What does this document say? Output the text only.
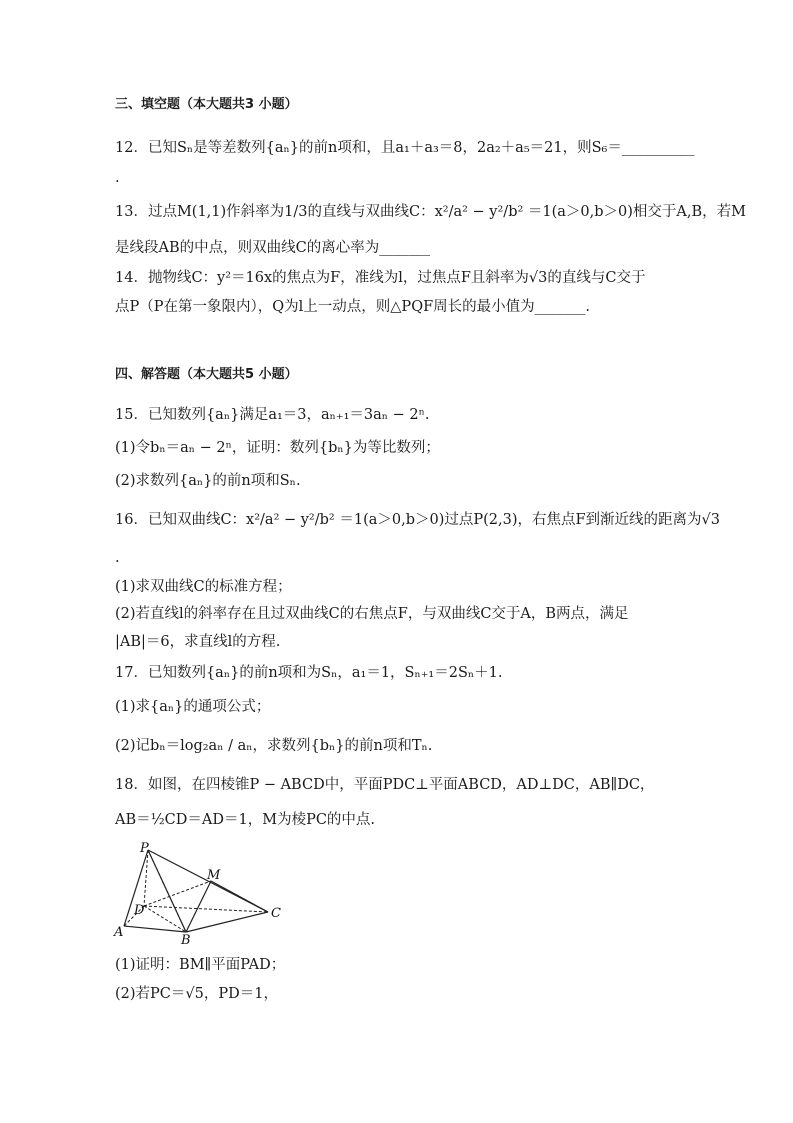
三、填空题（本大题共3 小题）
12．已知Sₙ是等差数列{aₙ}的前n项和，且a₁＋a₃＝8，2a₂＋a₅＝21，则S₆＝__________
.
13．过点M(1,1)作斜率为1/3的直线与双曲线C：x²/a² − y²/b² ＝1(a＞0,b＞0)相交于A,B，若M
是线段AB的中点，则双曲线C的离心率为_______
14．抛物线C：y²＝16x的焦点为F，准线为l，过焦点F且斜率为√3的直线与C交于
点P（P在第一象限内），Q为l上一动点，则△PQF周长的最小值为_______.
四、解答题（本大题共5 小题）
15．已知数列{aₙ}满足a₁＝3，aₙ₊₁＝3aₙ − 2ⁿ.
(1)令bₙ＝aₙ − 2ⁿ，证明：数列{bₙ}为等比数列；
(2)求数列{aₙ}的前n项和Sₙ.
16．已知双曲线C：x²/a² − y²/b² ＝1(a＞0,b＞0)过点P(2,3)，右焦点F到渐近线的距离为√3
.
(1)求双曲线C的标准方程；
(2)若直线l的斜率存在且过双曲线C的右焦点F，与双曲线C交于A，B两点，满足
|AB|＝6，求直线l的方程.
17．已知数列{aₙ}的前n项和为Sₙ，a₁＝1，Sₙ₊₁＝2Sₙ＋1.
(1)求{aₙ}的通项公式；
(2)记bₙ＝log₂aₙ / aₙ，求数列{bₙ}的前n项和Tₙ.
18．如图，在四棱锥P − ABCD中，平面PDC⊥平面ABCD，AD⊥DC，AB∥DC，
AB＝½CD＝AD＝1，M为棱PC的中点.
P
M
D	C
A
B
(1)证明：BM∥平面PAD；
(2)若PC＝√5，PD＝1，
